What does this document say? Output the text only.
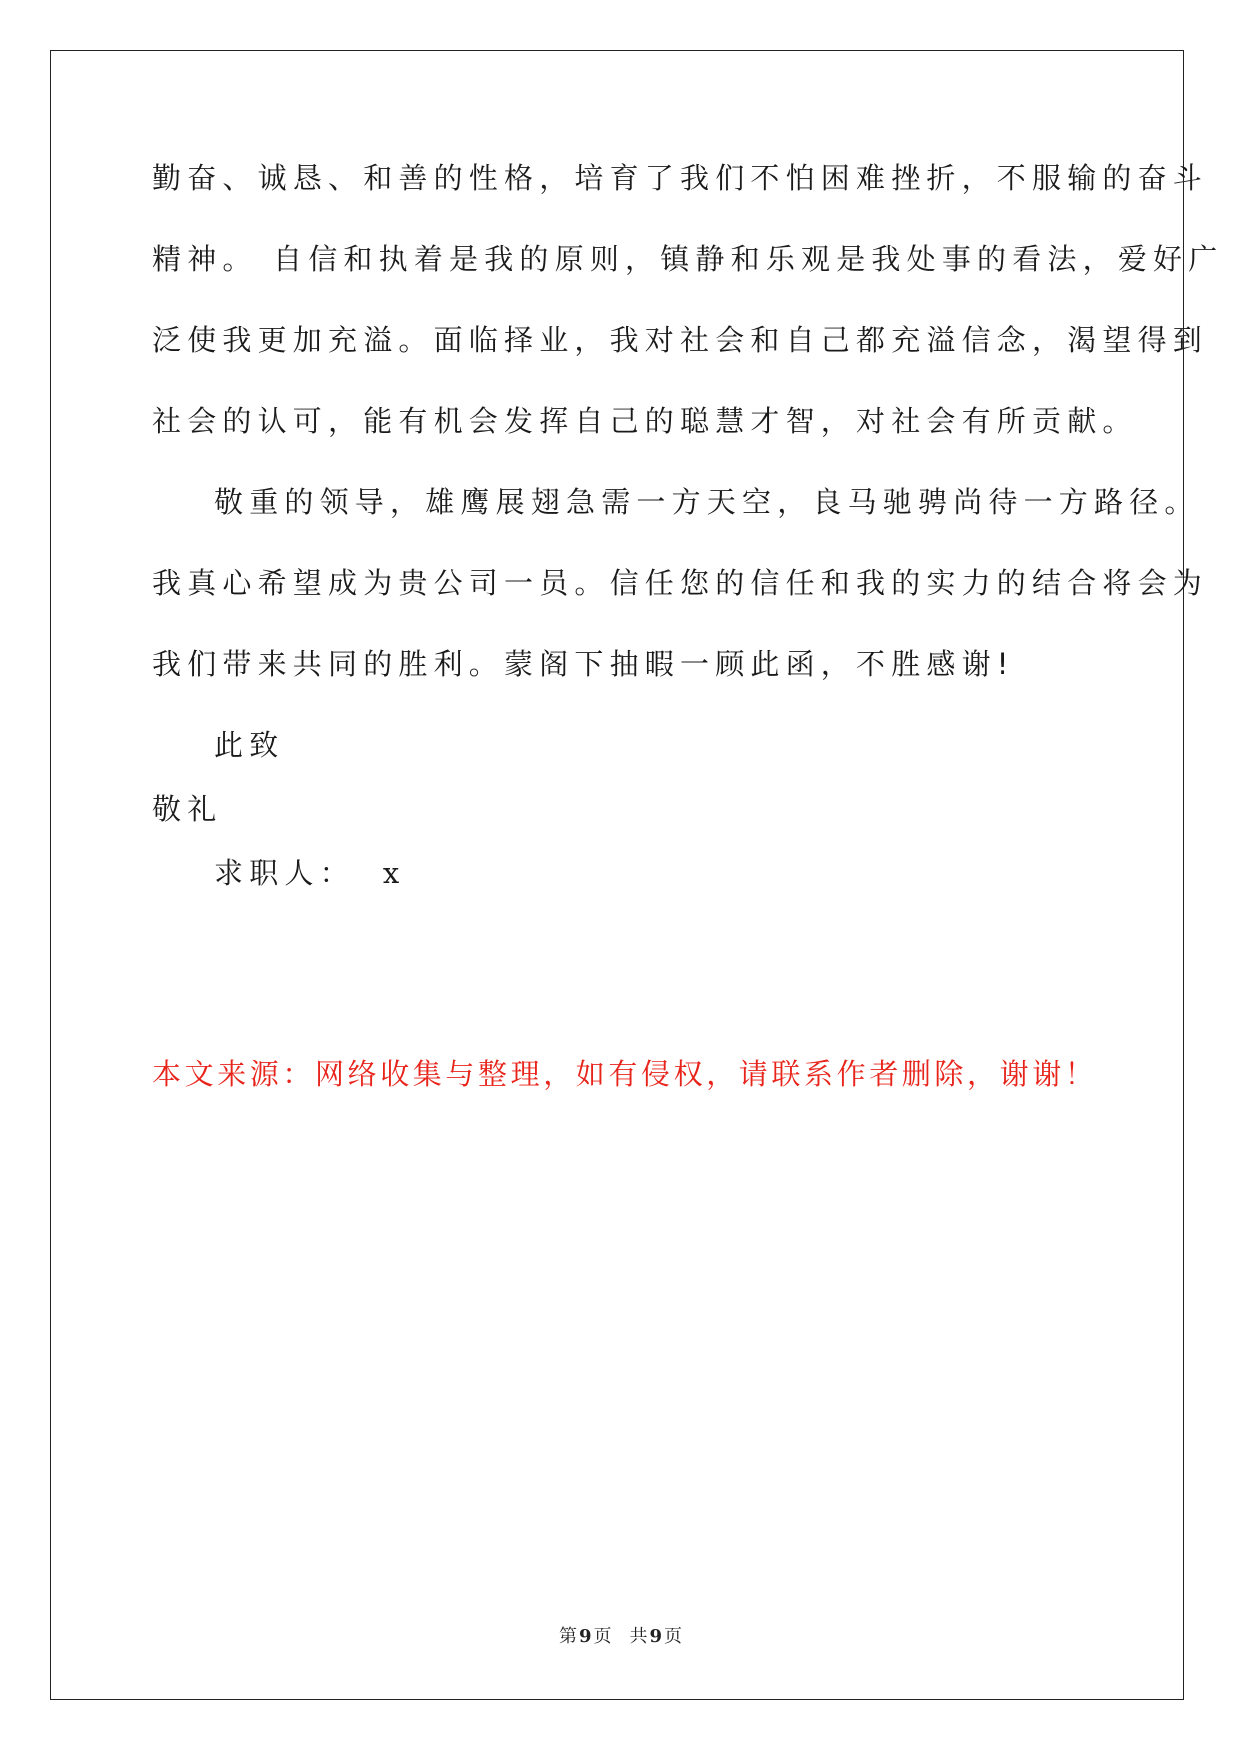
勤奋、诚恳、和善的性格，培育了我们不怕困难挫折，不服输的奋斗
精神。 自信和执着是我的原则，镇静和乐观是我处事的看法，爱好广
泛使我更加充溢。面临择业，我对社会和自己都充溢信念，渴望得到
社会的认可，能有机会发挥自己的聪慧才智，对社会有所贡献。
敬重的领导，雄鹰展翅急需一方天空，良马驰骋尚待一方路径。
我真心希望成为贵公司一员。信任您的信任和我的实力的结合将会为
我们带来共同的胜利。蒙阁下抽暇一顾此函，不胜感谢!
此致
敬礼
求职人： x
本文来源：网络收集与整理，如有侵权，请联系作者删除，谢谢！
第 9 页 共 9 页
